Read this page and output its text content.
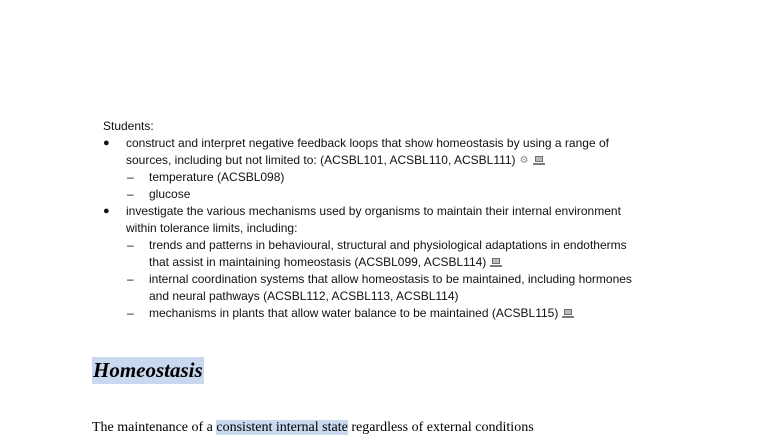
Students:

● construct and interpret negative feedback loops that show homeostasis by using a range of
sources, including but not limited to: (ACSBL101, ACSBL110, ACSBL111) ⚙
– temperature (ACSBL098)
– glucose
● investigate the various mechanisms used by organisms to maintain their internal environment
within tolerance limits, including:
– trends and patterns in behavioural, structural and physiological adaptations in endotherms
that assist in maintaining homeostasis (ACSBL099, ACSBL114)
– internal coordination systems that allow homeostasis to be maintained, including hormones
and neural pathways (ACSBL112, ACSBL113, ACSBL114)
– mechanisms in plants that allow water balance to be maintained (ACSBL115)
Homeostasis
The maintenance of a consistent internal state regardless of external conditions
